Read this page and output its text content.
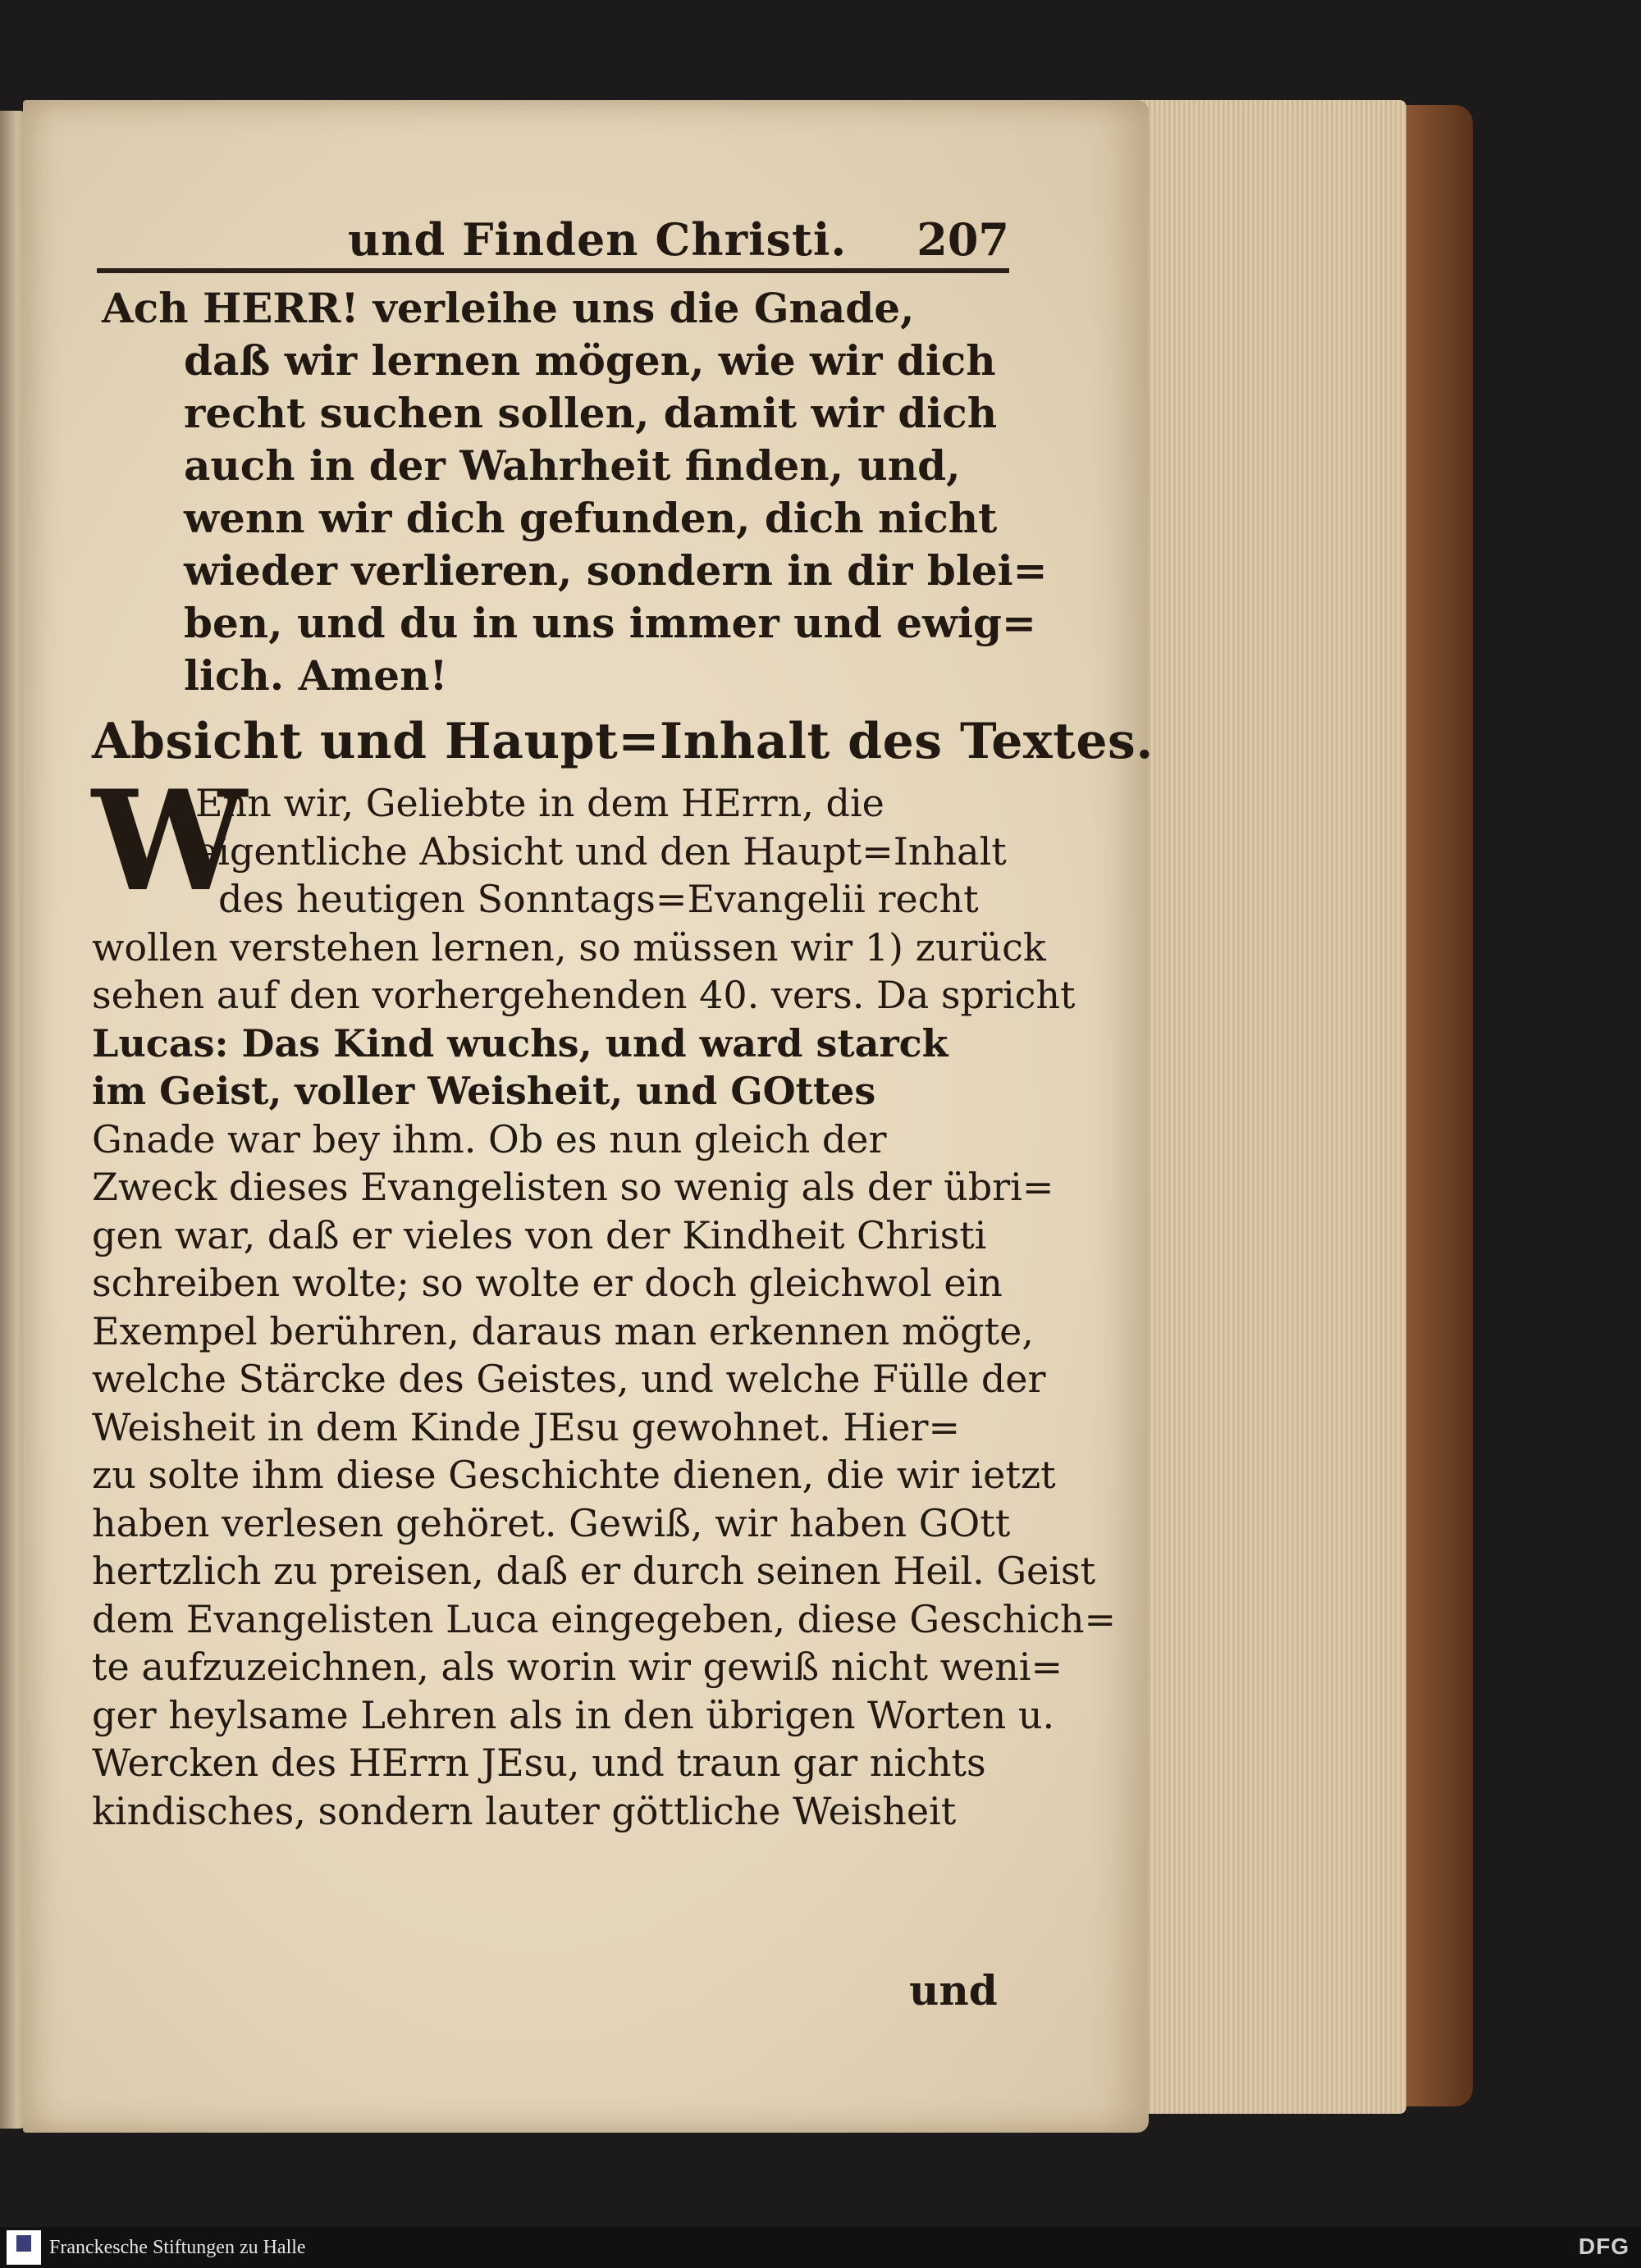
und Finden Christi. 207
Ach HERR! verleihe uns die Gnade,
daß wir lernen mögen, wie wir dich
recht suchen sollen, damit wir dich
auch in der Wahrheit finden, und,
wenn wir dich gefunden, dich nicht
wieder verlieren, sondern in dir blei=
ben, und du in uns immer und ewig=
lich. Amen!
Absicht und Haupt=Inhalt des Textes.
W
Enn wir, Geliebte in dem HErrn, die
eigentliche Absicht und den Haupt=Inhalt
des heutigen Sonntags=Evangelii recht
wollen verstehen lernen, so müssen wir 1) zurück
sehen auf den vorhergehenden 40. vers. Da spricht
Lucas: Das Kind wuchs, und ward starck
im Geist, voller Weisheit, und GOttes
Gnade war bey ihm. Ob es nun gleich der
Zweck dieses Evangelisten so wenig als der übri=
gen war, daß er vieles von der Kindheit Christi
schreiben wolte; so wolte er doch gleichwol ein
Exempel berühren, daraus man erkennen mögte,
welche Stärcke des Geistes, und welche Fülle der
Weisheit in dem Kinde JEsu gewohnet. Hier=
zu solte ihm diese Geschichte dienen, die wir ietzt
haben verlesen gehöret. Gewiß, wir haben GOtt
hertzlich zu preisen, daß er durch seinen Heil. Geist
dem Evangelisten Luca eingegeben, diese Geschich=
te aufzuzeichnen, als worin wir gewiß nicht weni=
ger heylsame Lehren als in den übrigen Worten u.
Wercken des HErrn JEsu, und traun gar nichts
kindisches, sondern lauter göttliche Weisheit
und
Franckesche Stiftungen zu Halle	DFG
